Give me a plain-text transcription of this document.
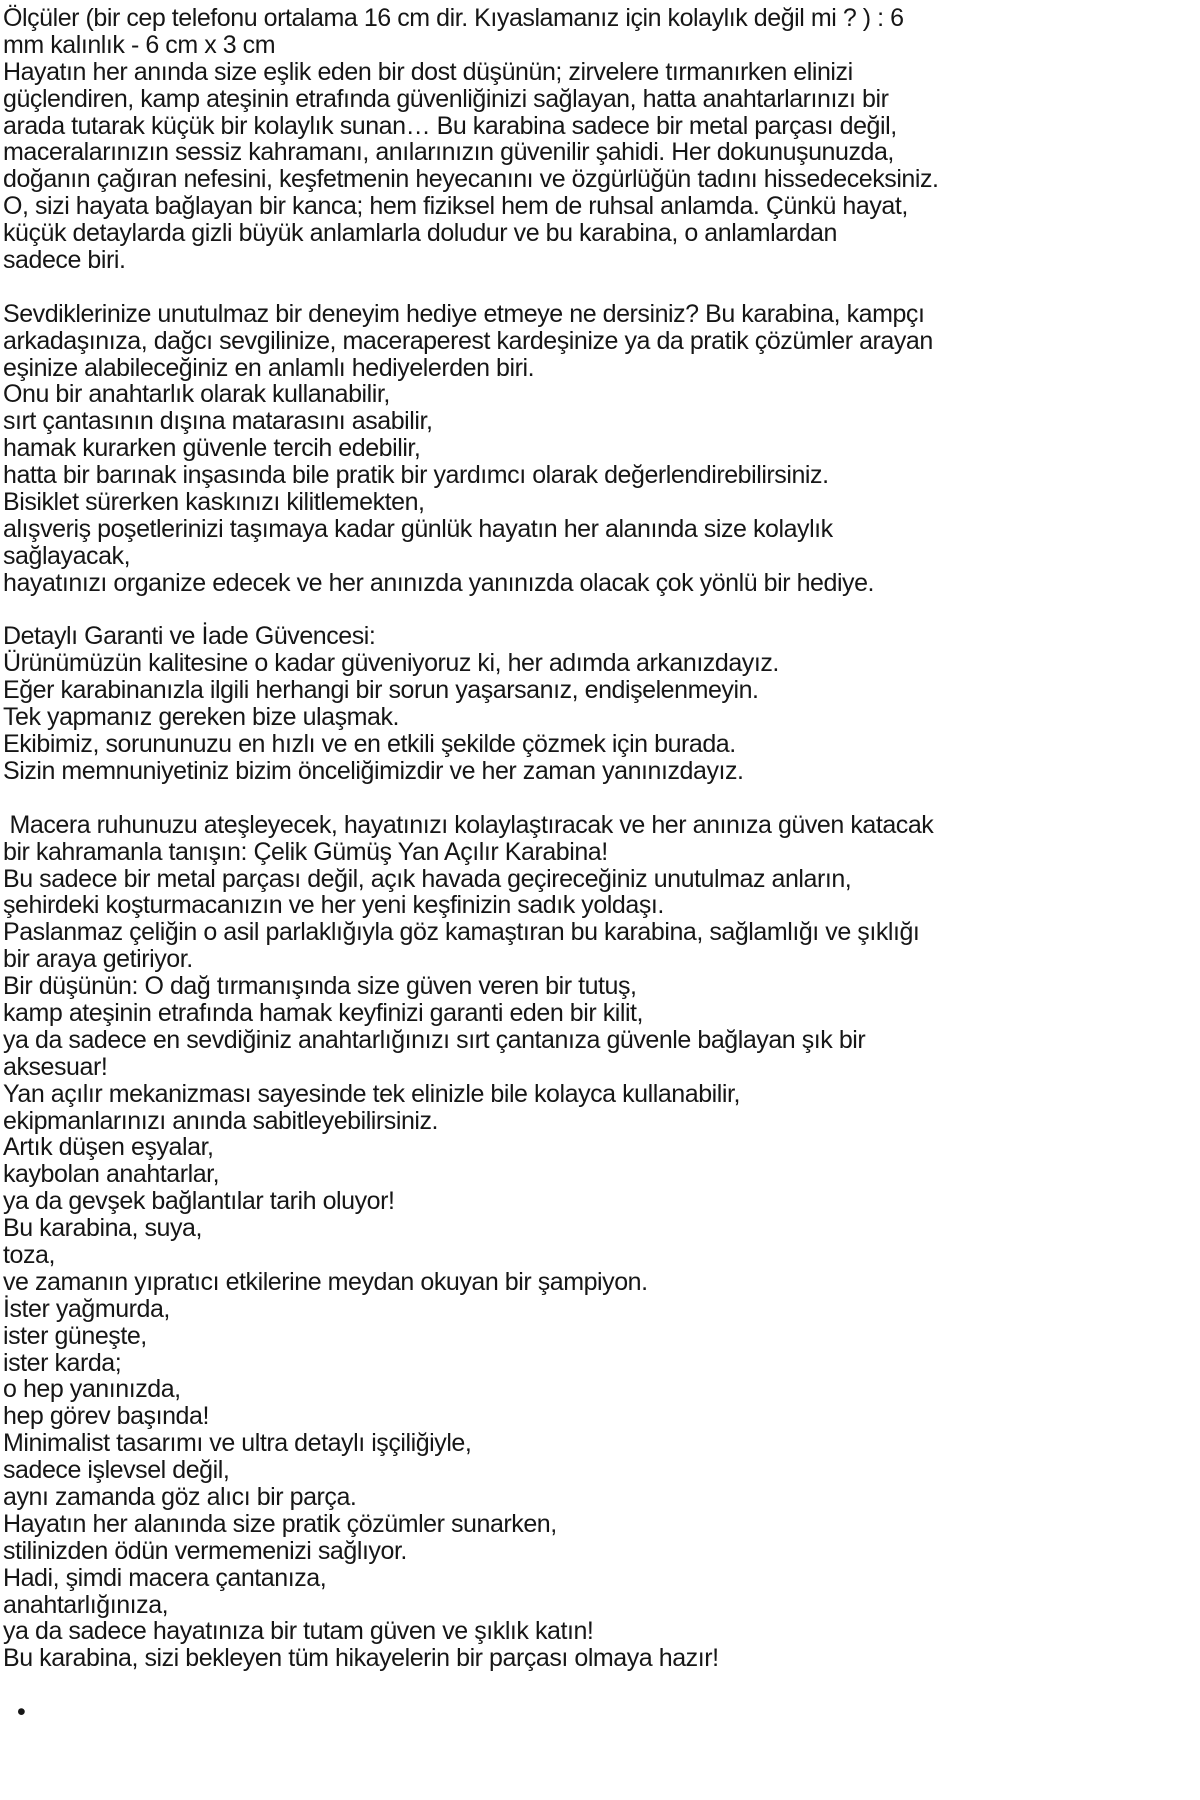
Ölçüler (bir cep telefonu ortalama 16 cm dir. Kıyaslamanız için kolaylık değil mi ? ) : 6
mm kalınlık - 6 cm x 3 cm
Hayatın her anında size eşlik eden bir dost düşünün; zirvelere tırmanırken elinizi
güçlendiren, kamp ateşinin etrafında güvenliğinizi sağlayan, hatta anahtarlarınızı bir
arada tutarak küçük bir kolaylık sunan… Bu karabina sadece bir metal parçası değil,
maceralarınızın sessiz kahramanı, anılarınızın güvenilir şahidi. Her dokunuşunuzda,
doğanın çağıran nefesini, keşfetmenin heyecanını ve özgürlüğün tadını hissedeceksiniz.
O, sizi hayata bağlayan bir kanca; hem fiziksel hem de ruhsal anlamda. Çünkü hayat,
küçük detaylarda gizli büyük anlamlarla doludur ve bu karabina, o anlamlardan
sadece biri.
Sevdiklerinize unutulmaz bir deneyim hediye etmeye ne dersiniz? Bu karabina, kampçı
arkadaşınıza, dağcı sevgilinize, maceraperest kardeşinize ya da pratik çözümler arayan
eşinize alabileceğiniz en anlamlı hediyelerden biri.
Onu bir anahtarlık olarak kullanabilir,
sırt çantasının dışına matarasını asabilir,
hamak kurarken güvenle tercih edebilir,
hatta bir barınak inşasında bile pratik bir yardımcı olarak değerlendirebilirsiniz.
Bisiklet sürerken kaskınızı kilitlemekten,
alışveriş poşetlerinizi taşımaya kadar günlük hayatın her alanında size kolaylık
sağlayacak,
hayatınızı organize edecek ve her anınızda yanınızda olacak çok yönlü bir hediye.
Detaylı Garanti ve İade Güvencesi:
Ürünümüzün kalitesine o kadar güveniyoruz ki, her adımda arkanızdayız.
Eğer karabinanızla ilgili herhangi bir sorun yaşarsanız, endişelenmeyin.
Tek yapmanız gereken bize ulaşmak.
Ekibimiz, sorununuzu en hızlı ve en etkili şekilde çözmek için burada.
Sizin memnuniyetiniz bizim önceliğimizdir ve her zaman yanınızdayız.
Macera ruhunuzu ateşleyecek, hayatınızı kolaylaştıracak ve her anınıza güven katacak
bir kahramanla tanışın: Çelik Gümüş Yan Açılır Karabina!
Bu sadece bir metal parçası değil, açık havada geçireceğiniz unutulmaz anların,
şehirdeki koşturmacanızın ve her yeni keşfinizin sadık yoldaşı.
Paslanmaz çeliğin o asil parlaklığıyla göz kamaştıran bu karabina, sağlamlığı ve şıklığı
bir araya getiriyor.
Bir düşünün: O dağ tırmanışında size güven veren bir tutuş,
kamp ateşinin etrafında hamak keyfinizi garanti eden bir kilit,
ya da sadece en sevdiğiniz anahtarlığınızı sırt çantanıza güvenle bağlayan şık bir
aksesuar!
Yan açılır mekanizması sayesinde tek elinizle bile kolayca kullanabilir,
ekipmanlarınızı anında sabitleyebilirsiniz.
Artık düşen eşyalar,
kaybolan anahtarlar,
ya da gevşek bağlantılar tarih oluyor!
Bu karabina, suya,
toza,
ve zamanın yıpratıcı etkilerine meydan okuyan bir şampiyon.
İster yağmurda,
ister güneşte,
ister karda;
o hep yanınızda,
hep görev başında!
Minimalist tasarımı ve ultra detaylı işçiliğiyle,
sadece işlevsel değil,
aynı zamanda göz alıcı bir parça.
Hayatın her alanında size pratik çözümler sunarken,
stilinizden ödün vermemenizi sağlıyor.
Hadi, şimdi macera çantanıza,
anahtarlığınıza,
ya da sadece hayatınıza bir tutam güven ve şıklık katın!
Bu karabina, sizi bekleyen tüm hikayelerin bir parçası olmaya hazır!
•
